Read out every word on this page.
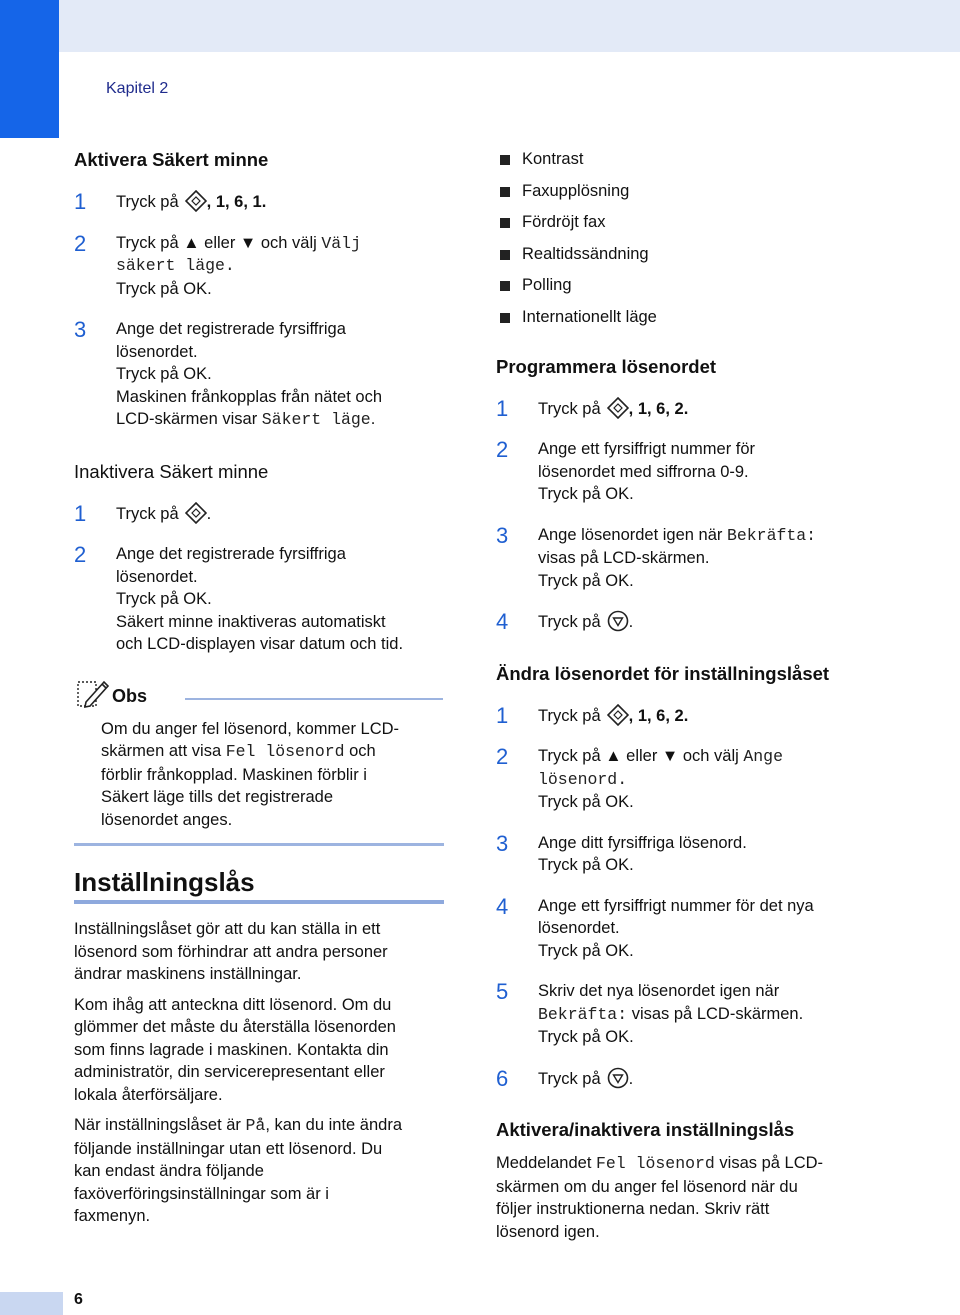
Kapitel 2
Aktivera Säkert minne
1	Tryck på , 1, 6, 1.
2	Tryck på ▲ eller ▼ och välj Välj
säkert läge.
Tryck på OK.
3	Ange det registrerade fyrsiffriga
lösenordet.
Tryck på OK.
Maskinen frånkopplas från nätet och
LCD-skärmen visar Säkert läge.
Inaktivera Säkert minne
1	Tryck på .
2	Ange det registrerade fyrsiffriga
lösenordet.
Tryck på OK.
Säkert minne inaktiveras automatiskt
och LCD-displayen visar datum och tid.
Obs
Om du anger fel lösenord, kommer LCD-
skärmen att visa Fel lösenord och
förblir frånkopplad. Maskinen förblir i
Säkert läge tills det registrerade
lösenordet anges.
Inställningslås
Inställningslåset gör att du kan ställa in ett
lösenord som förhindrar att andra personer
ändrar maskinens inställningar.
Kom ihåg att anteckna ditt lösenord. Om du
glömmer det måste du återställa lösenorden
som finns lagrade i maskinen. Kontakta din
administratör, din servicerepresentant eller
lokala återförsäljare.
När inställningslåset är På, kan du inte ändra
följande inställningar utan ett lösenord. Du
kan endast ändra följande
faxöverföringsinställningar som är i
faxmenyn.
Kontrast
Faxupplösning
Fördröjt fax
Realtidssändning
Polling
Internationellt läge
Programmera lösenordet
1	Tryck på , 1, 6, 2.
2	Ange ett fyrsiffrigt nummer för
lösenordet med siffrorna 0-9.
Tryck på OK.
3	Ange lösenordet igen när Bekräfta:
visas på LCD-skärmen.
Tryck på OK.
4	Tryck på .
Ändra lösenordet för inställningslåset
1	Tryck på , 1, 6, 2.
2	Tryck på ▲ eller ▼ och välj Ange
lösenord.
Tryck på OK.
3	Ange ditt fyrsiffriga lösenord.
Tryck på OK.
4	Ange ett fyrsiffrigt nummer för det nya
lösenordet.
Tryck på OK.
5	Skriv det nya lösenordet igen när
Bekräfta: visas på LCD-skärmen.
Tryck på OK.
6	Tryck på .
Aktivera/inaktivera inställningslås
Meddelandet Fel lösenord visas på LCD-
skärmen om du anger fel lösenord när du
följer instruktionerna nedan. Skriv rätt
lösenord igen.
6
